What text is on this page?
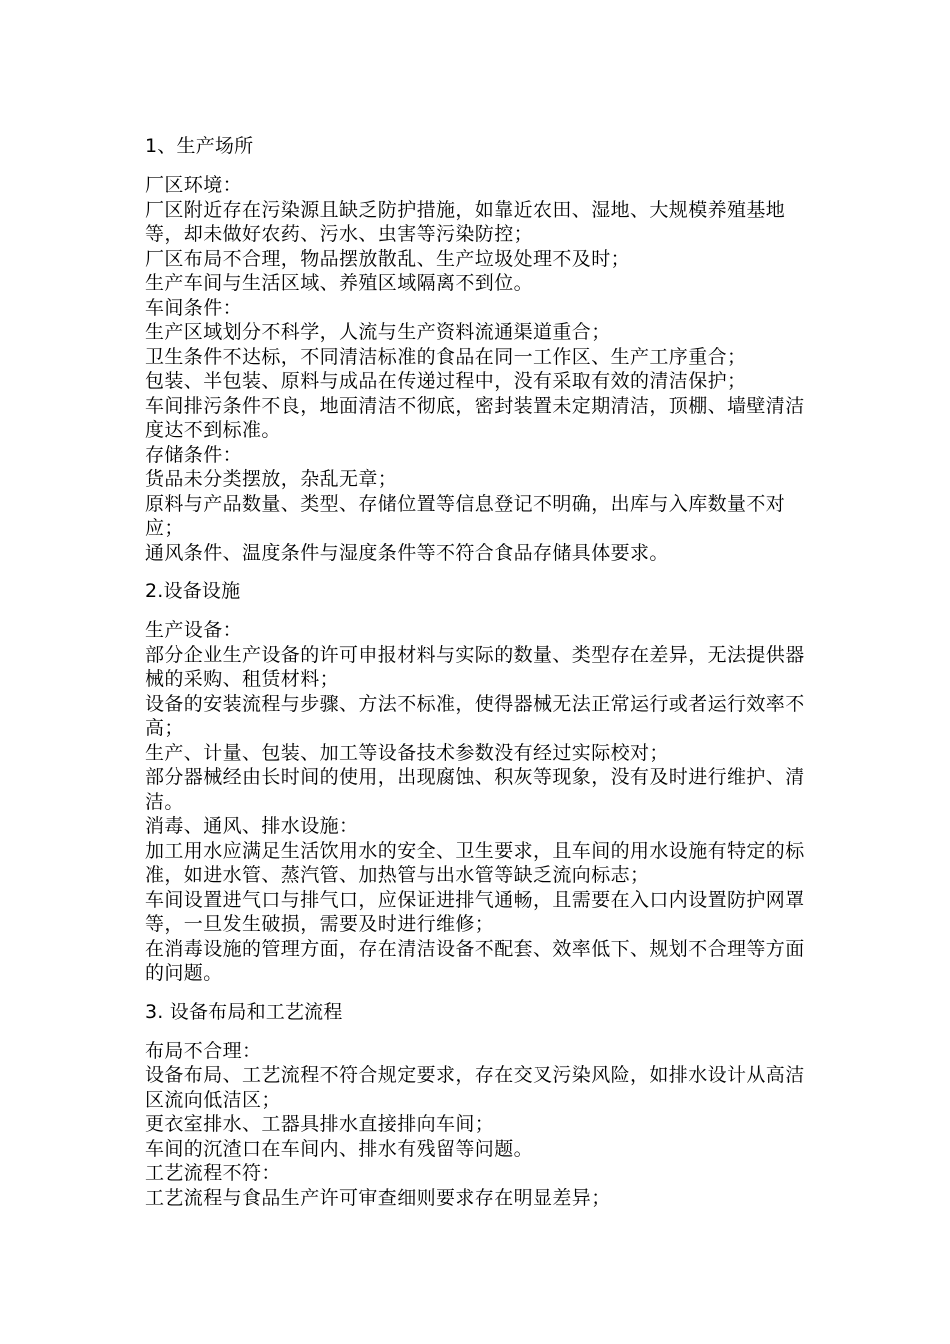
1、生产场所

厂区环境：

厂区附近存在污染源且缺乏防护措施，如靠近农田、湿地、大规模养殖基地等，却未做好农药、污水、虫害等污染防控；

厂区布局不合理，物品摆放散乱、生产垃圾处理不及时；

生产车间与生活区域、养殖区域隔离不到位。

车间条件：

生产区域划分不科学，人流与生产资料流通渠道重合；

卫生条件不达标，不同清洁标准的食品在同一工作区、生产工序重合；

包装、半包装、原料与成品在传递过程中，没有采取有效的清洁保护；

车间排污条件不良，地面清洁不彻底，密封装置未定期清洁，顶棚、墙壁清洁度达不到标准。

存储条件：

货品未分类摆放，杂乱无章；

原料与产品数量、类型、存储位置等信息登记不明确，出库与入库数量不对应；

通风条件、温度条件与湿度条件等不符合食品存储具体要求。

2.设备设施

生产设备：

部分企业生产设备的许可申报材料与实际的数量、类型存在差异，无法提供器械的采购、租赁材料；

设备的安装流程与步骤、方法不标准，使得器械无法正常运行或者运行效率不高；

生产、计量、包装、加工等设备技术参数没有经过实际校对；

部分器械经由长时间的使用，出现腐蚀、积灰等现象，没有及时进行维护、清洁。

消毒、通风、排水设施：

加工用水应满足生活饮用水的安全、卫生要求，且车间的用水设施有特定的标准，如进水管、蒸汽管、加热管与出水管等缺乏流向标志；

车间设置进气口与排气口，应保证进排气通畅，且需要在入口内设置防护网罩等，一旦发生破损，需要及时进行维修；

在消毒设施的管理方面，存在清洁设备不配套、效率低下、规划不合理等方面的问题。

3. 设备布局和工艺流程

布局不合理：

设备布局、工艺流程不符合规定要求，存在交叉污染风险，如排水设计从高洁区流向低洁区；

更衣室排水、工器具排水直接排向车间；

车间的沉渣口在车间内、排水有残留等问题。

工艺流程不符：

工艺流程与食品生产许可审查细则要求存在明显差异；
